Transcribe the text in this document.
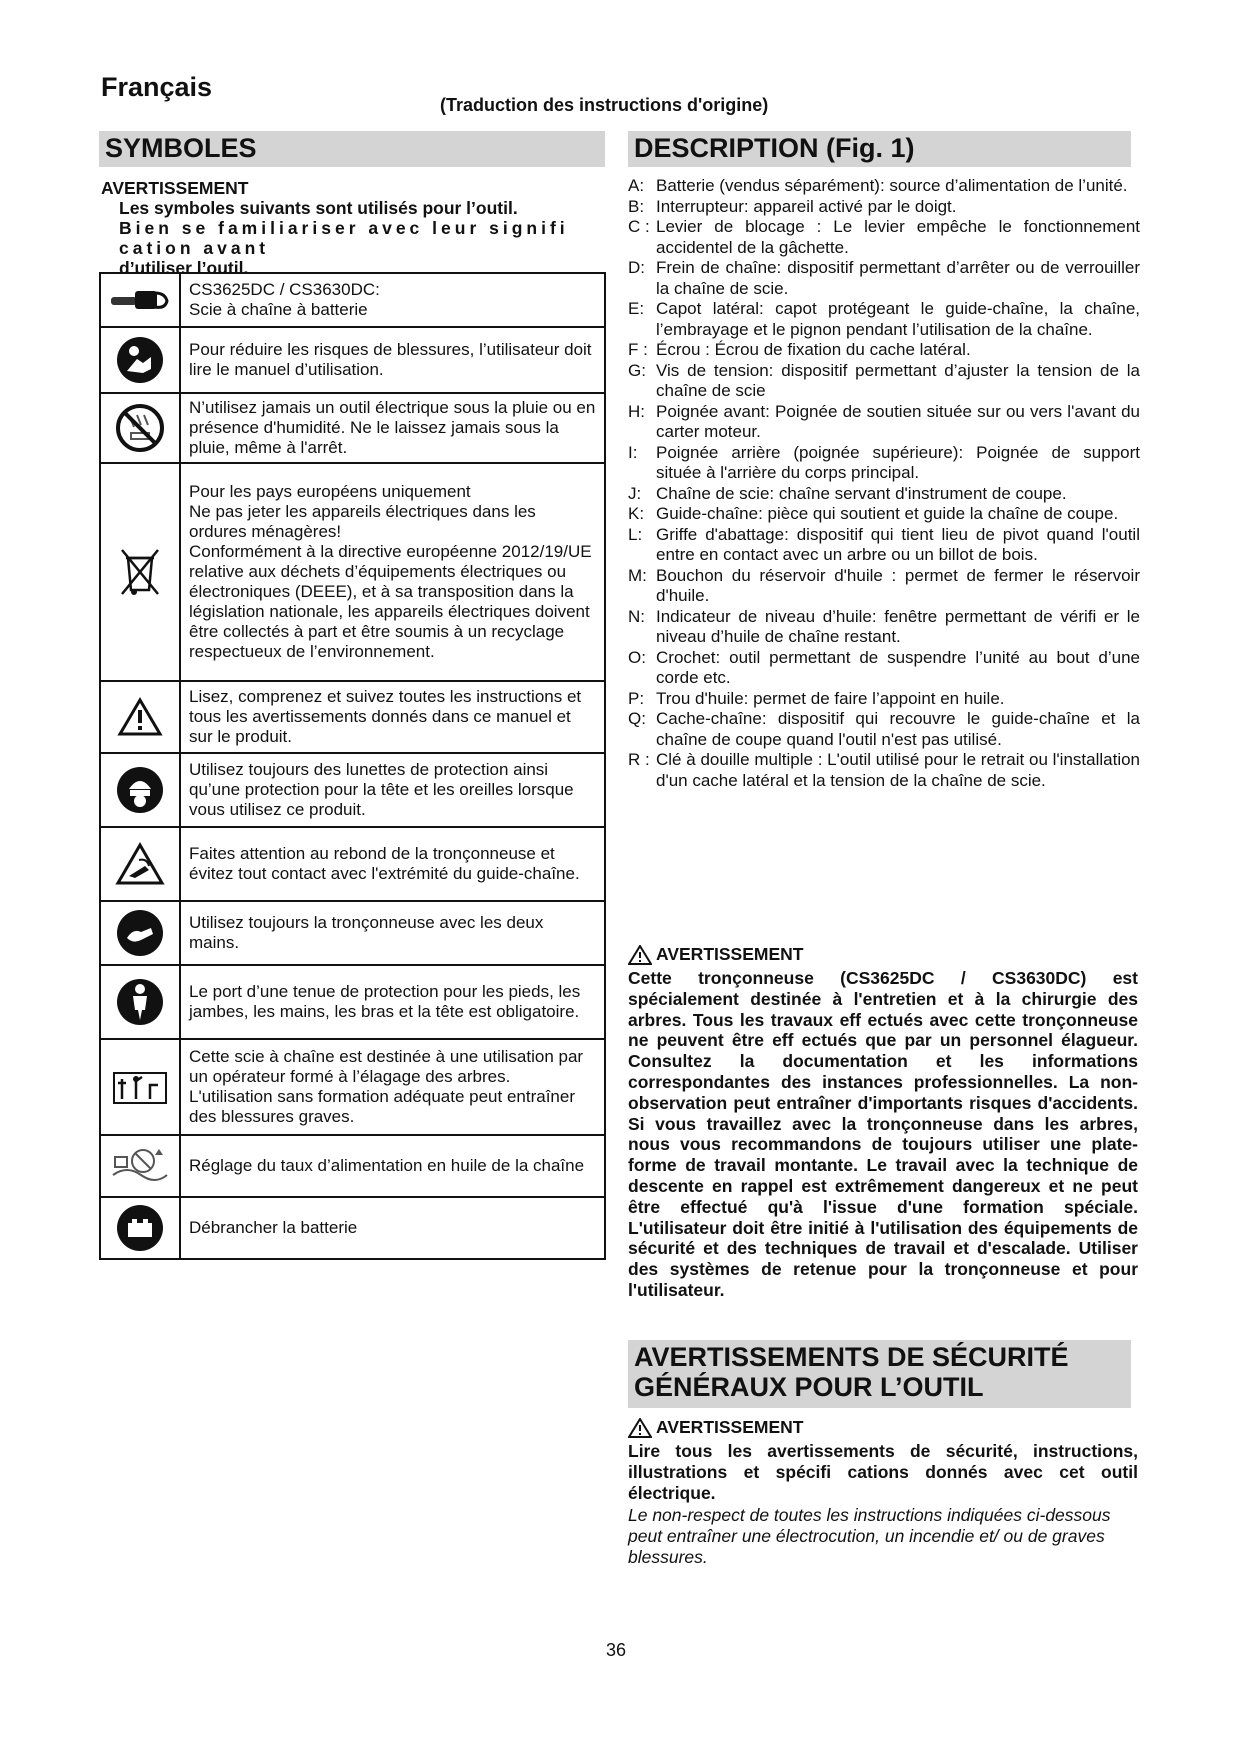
Français
(Traduction des instructions d'origine)
SYMBOLES	DESCRIPTION (Fig. 1)
AVERTISSEMENT
Les symboles suivants sont utilisés pour l’outil.
Bien se familiariser avec leur signifi cation avant
d’utiliser l’outil.
	CS3625DC / CS3630DC:
Scie à chaîne à batterie

	Pour réduire les risques de blessures, l’utilisateur doit lire le manuel d’utilisation.

	N’utilisez jamais un outil électrique sous la pluie ou en présence d'humidité. Ne le laissez jamais sous la pluie, même à l'arrêt.

	Pour les pays européens uniquement
Ne pas jeter les appareils électriques dans les ordures ménagères!
Conformément à la directive européenne 2012/19/UE relative aux déchets d’équipements électriques ou électroniques (DEEE), et à sa transposition dans la législation nationale, les appareils électriques doivent être collectés à part et être soumis à un recyclage respectueux de l’environnement.

	Lisez, comprenez et suivez toutes les instructions et tous les avertissements donnés dans ce manuel et sur le produit.

	Utilisez toujours des lunettes de protection ainsi qu’une protection pour la tête et les oreilles lorsque vous utilisez ce produit.

	Faites attention au rebond de la tronçonneuse et évitez tout contact avec l'extrémité du guide-chaîne.

	Utilisez toujours la tronçonneuse avec les deux mains.

	Le port d’une tenue de protection pour les pieds, les jambes, les mains, les bras et la tête est obligatoire.

	Cette scie à chaîne est destinée à une utilisation par un opérateur formé à l’élagage des arbres. L'utilisation sans formation adéquate peut entraîner des blessures graves.

	Réglage du taux d’alimentation en huile de la chaîne

	Débrancher la batterie
A: Batterie (vendus séparément): source d’alimentation de l’unité.
B: Interrupteur: appareil activé par le doigt.
C : Levier de blocage : Le levier empêche le fonctionnement accidentel de la gâchette.
D: Frein de chaîne: dispositif permettant d’arrêter ou de verrouiller la chaîne de scie.
E: Capot latéral: capot protégeant le guide-chaîne, la chaîne, l’embrayage et le pignon pendant l’utilisation de la chaîne.
F : Écrou : Écrou de fixation du cache latéral.
G: Vis de tension: dispositif permettant d’ajuster la tension de la chaîne de scie
H: Poignée avant: Poignée de soutien située sur ou vers l'avant du carter moteur.
I:	Poignée arrière (poignée supérieure): Poignée de support située à l'arrière du corps principal.
J: Chaîne de scie: chaîne servant d'instrument de coupe.
K: Guide-chaîne: pièce qui soutient et guide la chaîne de coupe.
L: Griffe d'abattage: dispositif qui tient lieu de pivot quand l'outil entre en contact avec un arbre ou un billot de bois.
M: Bouchon du réservoir d'huile : permet de fermer le réservoir d'huile.
N: Indicateur de niveau d’huile: fenêtre permettant de vérifi er le niveau d’huile de chaîne restant.
O: Crochet: outil permettant de suspendre l’unité au bout d’une corde etc.
P: Trou d'huile: permet de faire l’appoint en huile.
Q: Cache-chaîne: dispositif qui recouvre le guide-chaîne et la chaîne de coupe quand l'outil n'est pas utilisé.
R : Clé à douille multiple : L'outil utilisé pour le retrait ou l'installation d'un cache latéral et la tension de la chaîne de scie.
AVERTISSEMENT
Cette tronçonneuse (CS3625DC / CS3630DC) est spécialement destinée à l'entretien et à la chirurgie des arbres. Tous les travaux eff ectués avec cette tronçonneuse ne peuvent être eff ectués que par un personnel élagueur. Consultez la documentation et les informations correspondantes des instances professionnelles. La non-observation peut entraîner d'importants risques d'accidents. Si vous travaillez avec la tronçonneuse dans les arbres, nous vous recommandons de toujours utiliser une plate-forme de travail montante. Le travail avec la technique de descente en rappel est extrêmement dangereux et ne peut être effectué qu'à l'issue d'une formation spéciale. L'utilisateur doit être initié à l'utilisation des équipements de sécurité et des techniques de travail et d'escalade. Utiliser des systèmes de retenue pour la tronçonneuse et pour l'utilisateur.
AVERTISSEMENTS DE SÉCURITÉ
GÉNÉRAUX POUR L’OUTIL
AVERTISSEMENT
Lire tous les avertissements de sécurité, instructions, illustrations et spécifi cations donnés avec cet outil électrique.
Le non-respect de toutes les instructions indiquées ci-dessous peut entraîner une électrocution, un incendie et/ ou de graves blessures.
36
